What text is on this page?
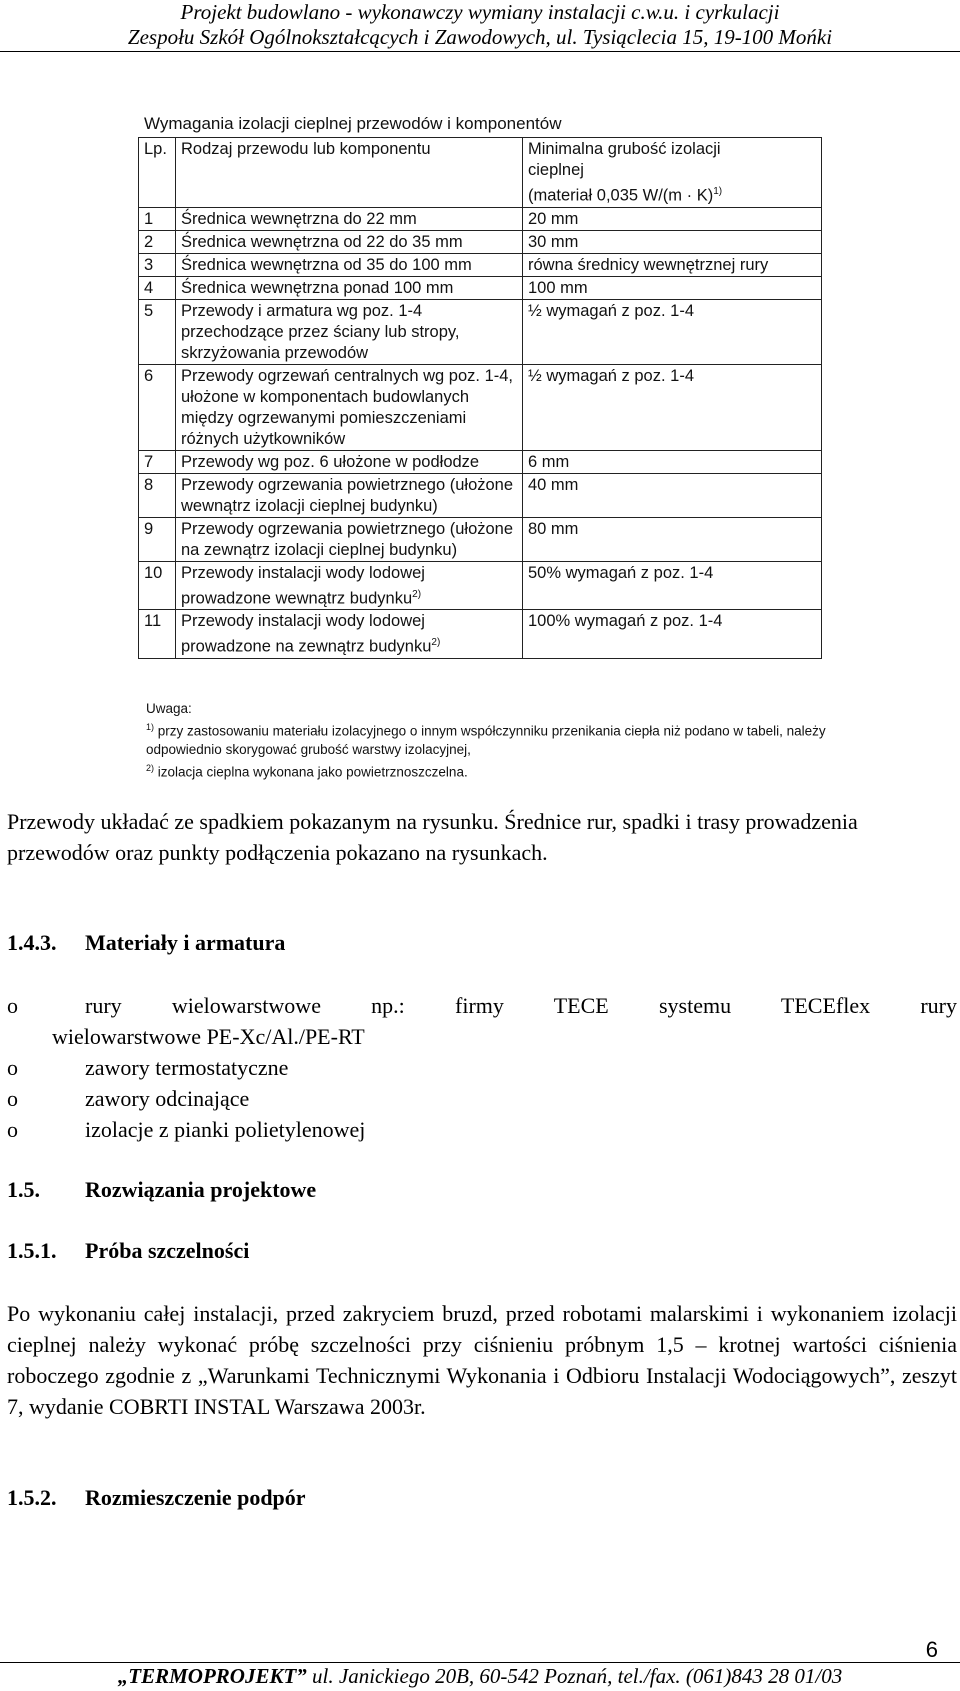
Projekt budowlano - wykonawczy wymiany instalacji c.w.u. i cyrkulacji
Zespołu Szkół Ogólnokształcących i Zawodowych, ul. Tysiąclecia 15, 19-100 Mońki
Wymagania izolacji cieplnej przewodów i komponentów
Lp.	Rodzaj przewodu lub komponentu	Minimalna grubość izolacji
cieplnej
(materiał 0,035 $W/(m \cdot K)^{1)}$

1	Średnica wewnętrzna do 22 mm	20 mm
2	Średnica wewnętrzna od 22 do 35 mm	30 mm
3	Średnica wewnętrzna od 35 do 100 mm	równa średnicy wewnętrznej rury
4	Średnica wewnętrzna ponad 100 mm	100 mm
5	Przewody i armatura wg poz. 1-4 przechodzące przez ściany lub stropy, skrzyżowania przewodów	½ wymagań z poz. 1-4
6	Przewody ogrzewań centralnych wg poz. 1-4, ułożone w komponentach budowlanych między ogrzewanymi pomieszczeniami różnych użytkowników	½ wymagań z poz. 1-4
7	Przewody wg poz. 6 ułożone w podłodze	6 mm
8	Przewody ogrzewania powietrznego (ułożone wewnątrz izolacji cieplnej budynku)	40 mm
9	Przewody ogrzewania powietrznego (ułożone na zewnątrz izolacji cieplnej budynku)	80 mm
10	Przewody instalacji wody lodowej prowadzone wewnątrz budynku$^{2)}$	50% wymagań z poz. 1-4
11	Przewody instalacji wody lodowej prowadzone na zewnątrz budynku$^{2)}$	100% wymagań z poz. 1-4
Uwaga:
$^{1)}$ przy zastosowaniu materiału izolacyjnego o innym współczynniku przenikania ciepła niż podano w tabeli, należy odpowiednio skorygować grubość warstwy izolacyjnej,
$^{2)}$ izolacja cieplna wykonana jako powietrznoszczelna.
Przewody układać ze spadkiem pokazanym na rysunku. Średnice rur, spadki i trasy prowadzenia przewodów oraz punkty podłączenia pokazano na rysunkach.
1.4.3. Materiały i armatura
o	rury wielowarstwowe np.: firmy TECE systemu TECEflex rury
wielowarstwowe PE-Xc/Al./PE-RT
o	zawory termostatyczne
o	zawory odcinające
o	izolacje z pianki polietylenowej
1.5. Rozwiązania projektowe
1.5.1. Próba szczelności
Po wykonaniu całej instalacji, przed zakryciem bruzd, przed robotami malarskimi i wykonaniem izolacji cieplnej należy wykonać próbę szczelności przy ciśnieniu próbnym 1,5 – krotnej wartości ciśnienia roboczego zgodnie z „Warunkami Technicznymi Wykonania i Odbioru Instalacji Wodociągowych”, zeszyt 7, wydanie COBRTI INSTAL Warszawa 2003r.
1.5.2. Rozmieszczenie podpór
6
„TERMOPROJEKT” ul. Janickiego 20B, 60-542 Poznań, tel./fax. (061)843 28 01/03
